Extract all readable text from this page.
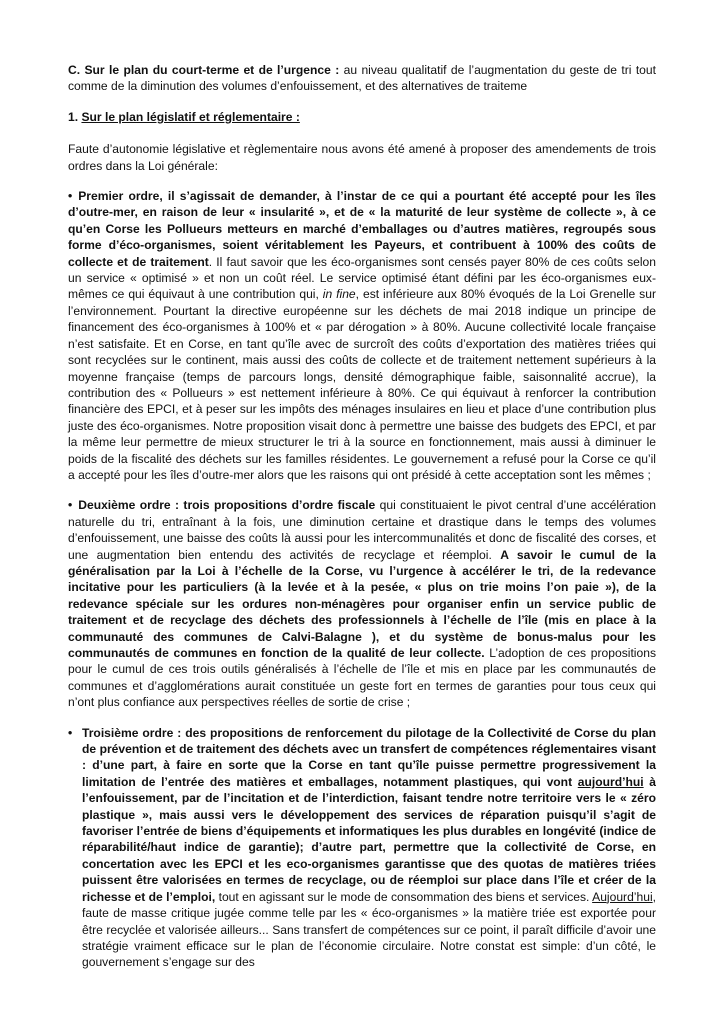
C. Sur le plan du court-terme et de l’urgence : au niveau qualitatif de l’augmentation du geste de tri tout comme de la diminution des volumes d’enfouissement, et des alternatives de traiteme

1. Sur le plan législatif et réglementaire :

Faute d’autonomie législative et règlementaire nous avons été amené à proposer des amendements de trois ordres dans la Loi générale:

• Premier ordre, il s’agissait de demander, à l’instar de ce qui a pourtant été accepté pour les îles d’outre-mer, en raison de leur « insularité », et de « la maturité de leur système de collecte », à ce qu’en Corse les Pollueurs metteurs en marché d’emballages ou d’autres matières, regroupés sous forme d’éco-organismes, soient véritablement les Payeurs, et contribuent à 100% des coûts de collecte et de traitement. Il faut savoir que les éco-organismes sont censés payer 80% de ces coûts selon un service « optimisé » et non un coût réel. Le service optimisé étant défini par les éco-organismes eux-mêmes ce qui équivaut à une contribution qui, in fine, est inférieure aux 80% évoqués de la Loi Grenelle sur l’environnement. Pourtant la directive européenne sur les déchets de mai 2018 indique un principe de financement des éco-organismes à 100% et « par dérogation » à 80%. Aucune collectivité locale française n’est satisfaite. Et en Corse, en tant qu’île avec de surcroît des coûts d’exportation des matières triées qui sont recyclées sur le continent, mais aussi des coûts de collecte et de traitement nettement supérieurs à la moyenne française (temps de parcours longs, densité démographique faible, saisonnalité accrue), la contribution des « Pollueurs » est nettement inférieure à 80%. Ce qui équivaut à renforcer la contribution financière des EPCI, et à peser sur les impôts des ménages insulaires en lieu et place d’une contribution plus juste des éco-organismes. Notre proposition visait donc à permettre une baisse des budgets des EPCI, et par la même leur permettre de mieux structurer le tri à la source en fonctionnement, mais aussi à diminuer le poids de la fiscalité des déchets sur les familles résidentes. Le gouvernement a refusé pour la Corse ce qu’il a accepté pour les îles d’outre-mer alors que les raisons qui ont présidé à cette acceptation sont les mêmes ;

• Deuxième ordre : trois propositions d’ordre fiscale qui constituaient le pivot central d’une accélération naturelle du tri, entraînant à la fois, une diminution certaine et drastique dans le temps des volumes d’enfouissement, une baisse des coûts là aussi pour les intercommunalités et donc de fiscalité des corses, et une augmentation bien entendu des activités de recyclage et réemploi. A savoir le cumul de la généralisation par la Loi à l’échelle de la Corse, vu l’urgence à accélérer le tri, de la redevance incitative pour les particuliers (à la levée et à la pesée, « plus on trie moins l’on paie »), de la redevance spéciale sur les ordures non-ménagères pour organiser enfin un service public de traitement et de recyclage des déchets des professionnels à l’échelle de l’île (mis en place à la communauté des communes de Calvi-Balagne ), et du système de bonus-malus pour les communautés de communes en fonction de la qualité de leur collecte. L’adoption de ces propositions pour le cumul de ces trois outils généralisés à l’échelle de l’île et mis en place par les communautés de communes et d’agglomérations aurait constituée un geste fort en termes de garanties pour tous ceux qui n’ont plus confiance aux perspectives réelles de sortie de crise ;

• Troisième ordre : des propositions de renforcement du pilotage de la Collectivité de Corse du plan de prévention et de traitement des déchets avec un transfert de compétences réglementaires visant : d’une part, à faire en sorte que la Corse en tant qu’île puisse permettre progressivement la limitation de l’entrée des matières et emballages, notamment plastiques, qui vont aujourd’hui à l’enfouissement, par de l’incitation et de l’interdiction, faisant tendre notre territoire vers le « zéro plastique », mais aussi vers le développement des services de réparation puisqu’il s’agit de favoriser l’entrée de biens d’équipements et informatiques les plus durables en longévité (indice de réparabilité/haut indice de garantie); d’autre part, permettre que la collectivité de Corse, en concertation avec les EPCI et les eco-organismes garantisse que des quotas de matières triées puissent être valorisées en termes de recyclage, ou de réemploi sur place dans l’île et créer de la richesse et de l’emploi, tout en agissant sur le mode de consommation des biens et services. Aujourd’hui, faute de masse critique jugée comme telle par les « éco-organismes » la matière triée est exportée pour être recyclée et valorisée ailleurs... Sans transfert de compétences sur ce point, il paraît difficile d’avoir une stratégie vraiment efficace sur le plan de l’économie circulaire. Notre constat est simple: d’un côté, le gouvernement s’engage sur des
